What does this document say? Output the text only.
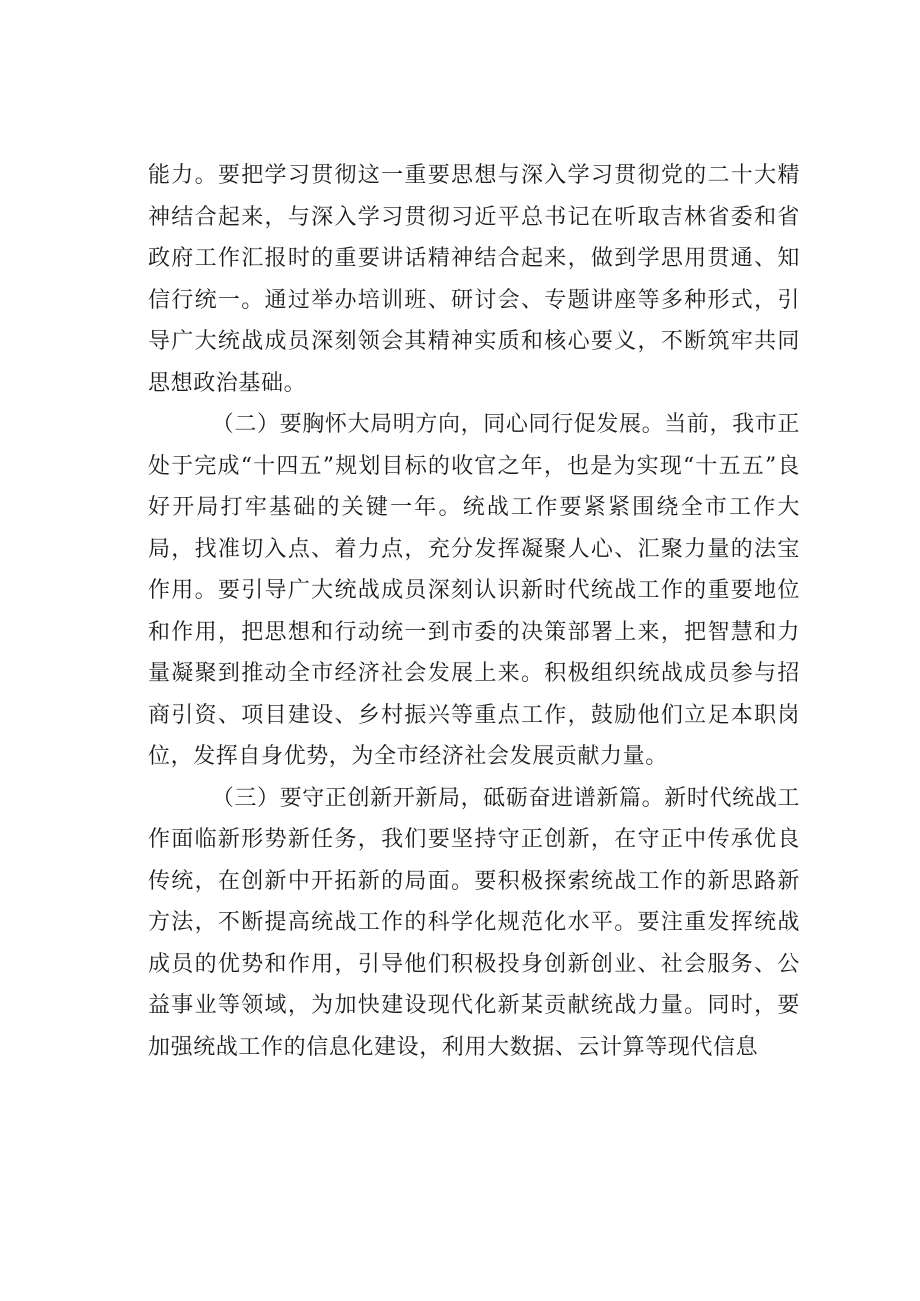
能力。要把学习贯彻这一重要思想与深入学习贯彻党的二十大精神结合起来，与深入学习贯彻习近平总书记在听取吉林省委和省政府工作汇报时的重要讲话精神结合起来，做到学思用贯通、知信行统一。通过举办培训班、研讨会、专题讲座等多种形式，引导广大统战成员深刻领会其精神实质和核心要义，不断筑牢共同思想政治基础。

（二）要胸怀大局明方向，同心同行促发展。当前，我市正处于完成“十四五”规划目标的收官之年，也是为实现“十五五”良好开局打牢基础的关键一年。统战工作要紧紧围绕全市工作大局，找准切入点、着力点，充分发挥凝聚人心、汇聚力量的法宝作用。要引导广大统战成员深刻认识新时代统战工作的重要地位和作用，把思想和行动统一到市委的决策部署上来，把智慧和力量凝聚到推动全市经济社会发展上来。积极组织统战成员参与招商引资、项目建设、乡村振兴等重点工作，鼓励他们立足本职岗位，发挥自身优势，为全市经济社会发展贡献力量。

（三）要守正创新开新局，砥砺奋进谱新篇。新时代统战工作面临新形势新任务，我们要坚持守正创新，在守正中传承优良传统，在创新中开拓新的局面。要积极探索统战工作的新思路新方法，不断提高统战工作的科学化规范化水平。要注重发挥统战成员的优势和作用，引导他们积极投身创新创业、社会服务、公益事业等领域，为加快建设现代化新某贡献统战力量。同时，要加强统战工作的信息化建设，利用大数据、云计算等现代信息
